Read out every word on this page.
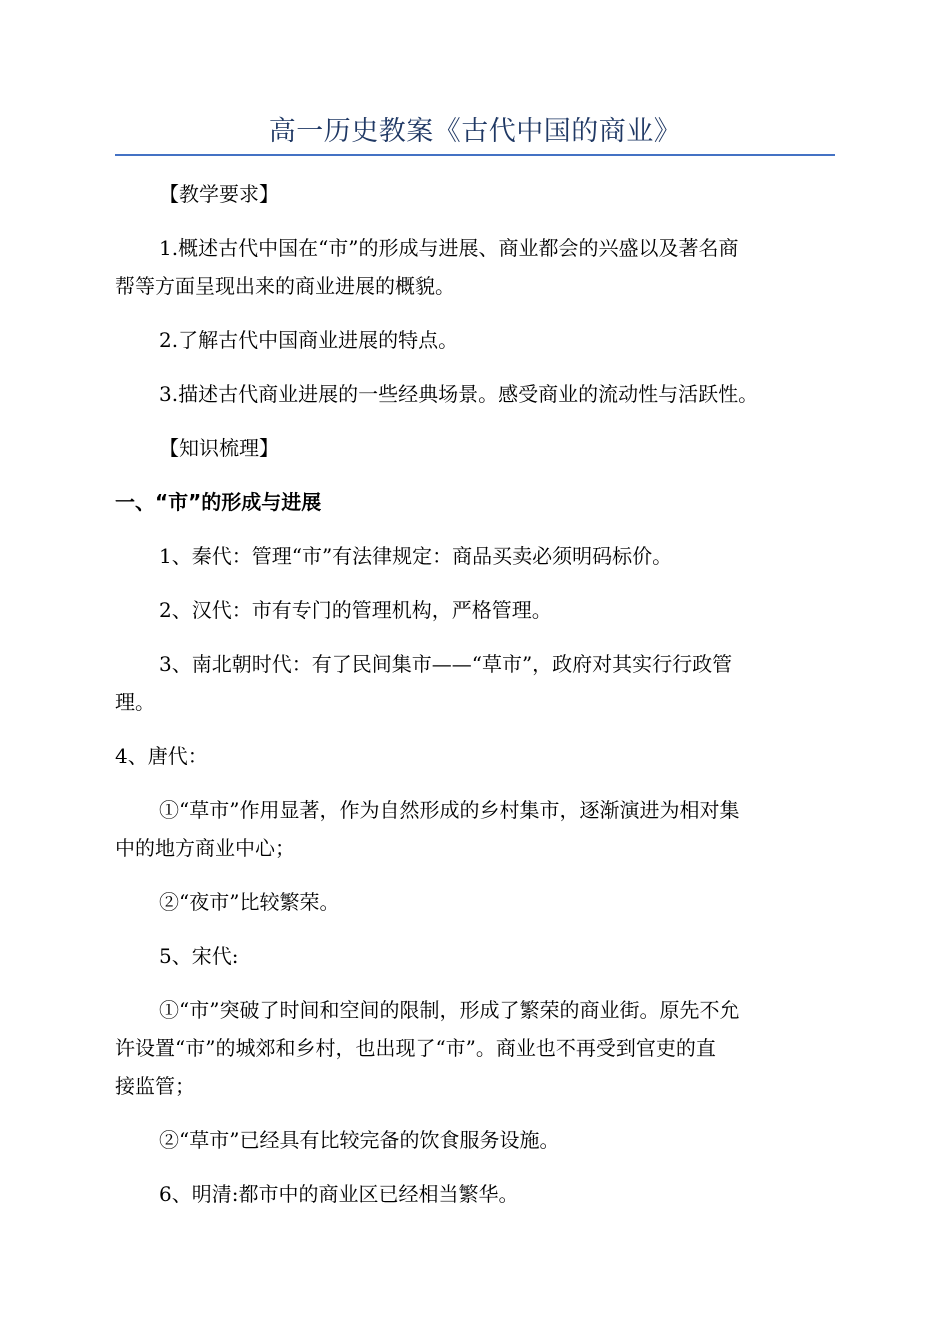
高一历史教案《古代中国的商业》
【教学要求】
1.概述古代中国在“市”的形成与进展、商业都会的兴盛以及著名商
帮等方面呈现出来的商业进展的概貌。
2.了解古代中国商业进展的特点。
3.描述古代商业进展的一些经典场景。感受商业的流动性与活跃性。
【知识梳理】
一、“市”的形成与进展
1、秦代：管理“市”有法律规定：商品买卖必须明码标价。
2、汉代：市有专门的管理机构，严格管理。
3、南北朝时代：有了民间集市——“草市”，政府对其实行行政管
理。
4、唐代：
①“草市”作用显著，作为自然形成的乡村集市，逐渐演进为相对集
中的地方商业中心；
②“夜市”比较繁荣。
5、宋代:
①“市”突破了时间和空间的限制，形成了繁荣的商业街。原先不允
许设置“市”的城郊和乡村，也出现了“市”。商业也不再受到官吏的直
接监管；
②“草市”已经具有比较完备的饮食服务设施。
6、明清:都市中的商业区已经相当繁华。
